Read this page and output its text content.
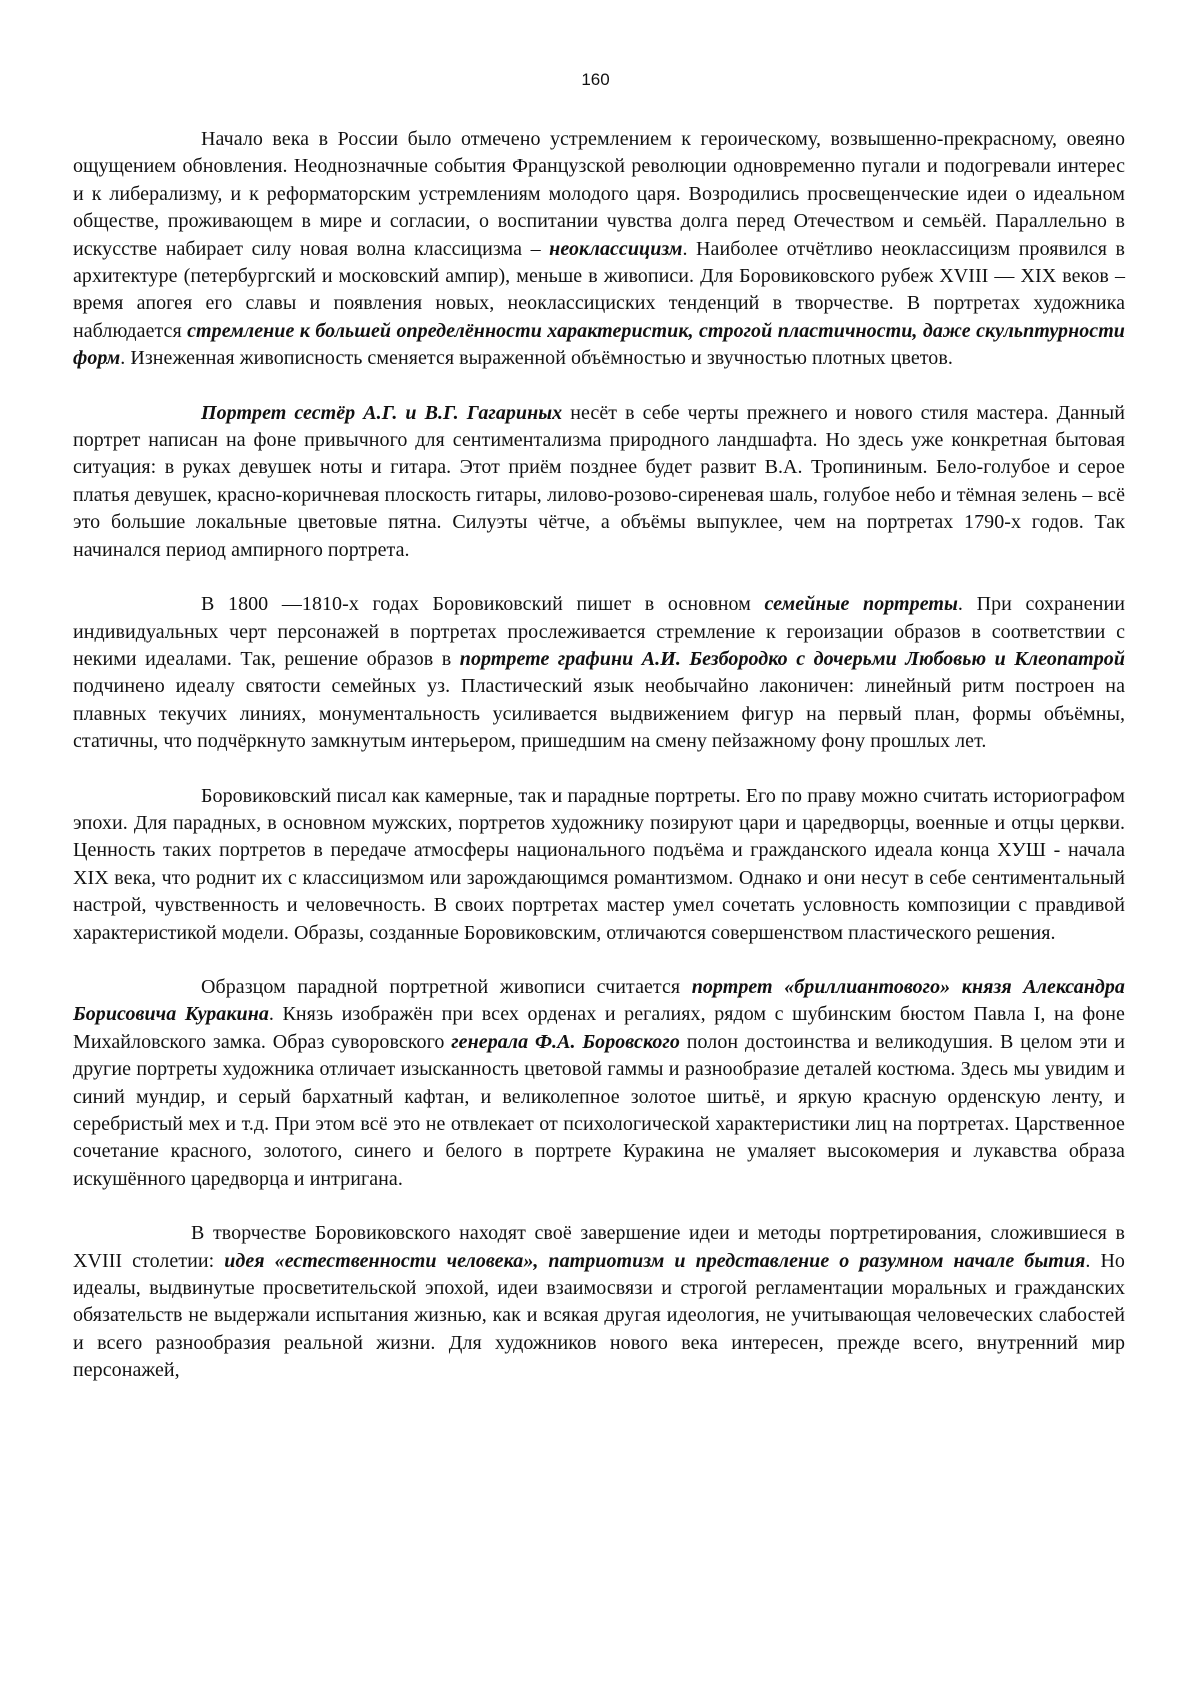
160

Начало века в России было отмечено устремлением к героическому, возвышенно-прекрасному, овеяно ощущением обновления. Неоднозначные события Французской революции одновременно пугали и подогревали интерес и к либерализму, и к реформаторским устремлениям молодого царя. Возродились просвещенческие идеи о идеальном обществе, проживающем в мире и согласии, о воспитании чувства долга перед Отечеством и семьёй. Параллельно в искусстве набирает силу новая волна классицизма – неоклассицизм. Наиболее отчётливо неоклассицизм проявился в архитектуре (петербургский и московский ампир), меньше в живописи. Для Боровиковского рубеж XVIII — XIX веков – время апогея его славы и появления новых, неоклассициских тенденций в творчестве. В портретах художника наблюдается стремление к большей определённости характеристик, строгой пластичности, даже скульптурности форм. Изнеженная живописность сменяется выраженной объёмностью и звучностью плотных цветов.

Портрет сестёр А.Г. и В.Г. Гагариных несёт в себе черты прежнего и нового стиля мастера. Данный портрет написан на фоне привычного для сентиментализма природного ландшафта. Но здесь уже конкретная бытовая ситуация: в руках девушек ноты и гитара. Этот приём позднее будет развит В.А. Тропининым. Бело-голубое и серое платья девушек, красно-коричневая плоскость гитары, лилово-розово-сиреневая шаль, голубое небо и тёмная зелень – всё это большие локальные цветовые пятна. Силуэты чётче, а объёмы выпуклее, чем на портретах 1790-х годов. Так начинался период ампирного портрета.

В 1800 —1810-х годах Боровиковский пишет в основном семейные портреты. При сохранении индивидуальных черт персонажей в портретах прослеживается стремление к героизации образов в соответствии с некими идеалами. Так, решение образов в портрете графини А.И. Безбородко с дочерьми Любовью и Клеопатрой подчинено идеалу святости семейных уз. Пластический язык необычайно лаконичен: линейный ритм построен на плавных текучих линиях, монументальность усиливается выдвижением фигур на первый план, формы объёмны, статичны, что подчёркнуто замкнутым интерьером, пришедшим на смену пейзажному фону прошлых лет.

Боровиковский писал как камерные, так и парадные портреты. Его по праву можно считать историографом эпохи. Для парадных, в основном мужских, портретов художнику позируют цари и царедворцы, военные и отцы церкви. Ценность таких портретов в передаче атмосферы национального подъёма и гражданского идеала конца ХУШ - начала XIX века, что роднит их с классицизмом или зарождающимся романтизмом. Однако и они несут в себе сентиментальный настрой, чувственность и человечность. В своих портретах мастер умел сочетать условность композиции с правдивой характеристикой модели. Образы, созданные Боровиковским, отличаются совершенством пластического решения.

Образцом парадной портретной живописи считается портрет «бриллиантового» князя Александра Борисовича Куракина. Князь изображён при всех орденах и регалиях, рядом с шубинским бюстом Павла I, на фоне Михайловского замка. Образ суворовского генерала Ф.А. Боровского полон достоинства и великодушия. В целом эти и другие портреты художника отличает изысканность цветовой гаммы и разнообразие деталей костюма. Здесь мы увидим и синий мундир, и серый бархатный кафтан, и великолепное золотое шитьё, и яркую красную орденскую ленту, и серебристый мех и т.д. При этом всё это не отвлекает от психологической характеристики лиц на портретах. Царственное сочетание красного, золотого, синего и белого в портрете Куракина не умаляет высокомерия и лукавства образа искушённого царедворца и интригана.

В творчестве Боровиковского находят своё завершение идеи и методы портретирования, сложившиеся в XVIII столетии: идея «естественности человека», патриотизм и представление о разумном начале бытия. Но идеалы, выдвинутые просветительской эпохой, идеи взаимосвязи и строгой регламентации моральных и гражданских обязательств не выдержали испытания жизнью, как и всякая другая идеология, не учитывающая человеческих слабостей и всего разнообразия реальной жизни. Для художников нового века интересен, прежде всего, внутренний мир персонажей,
